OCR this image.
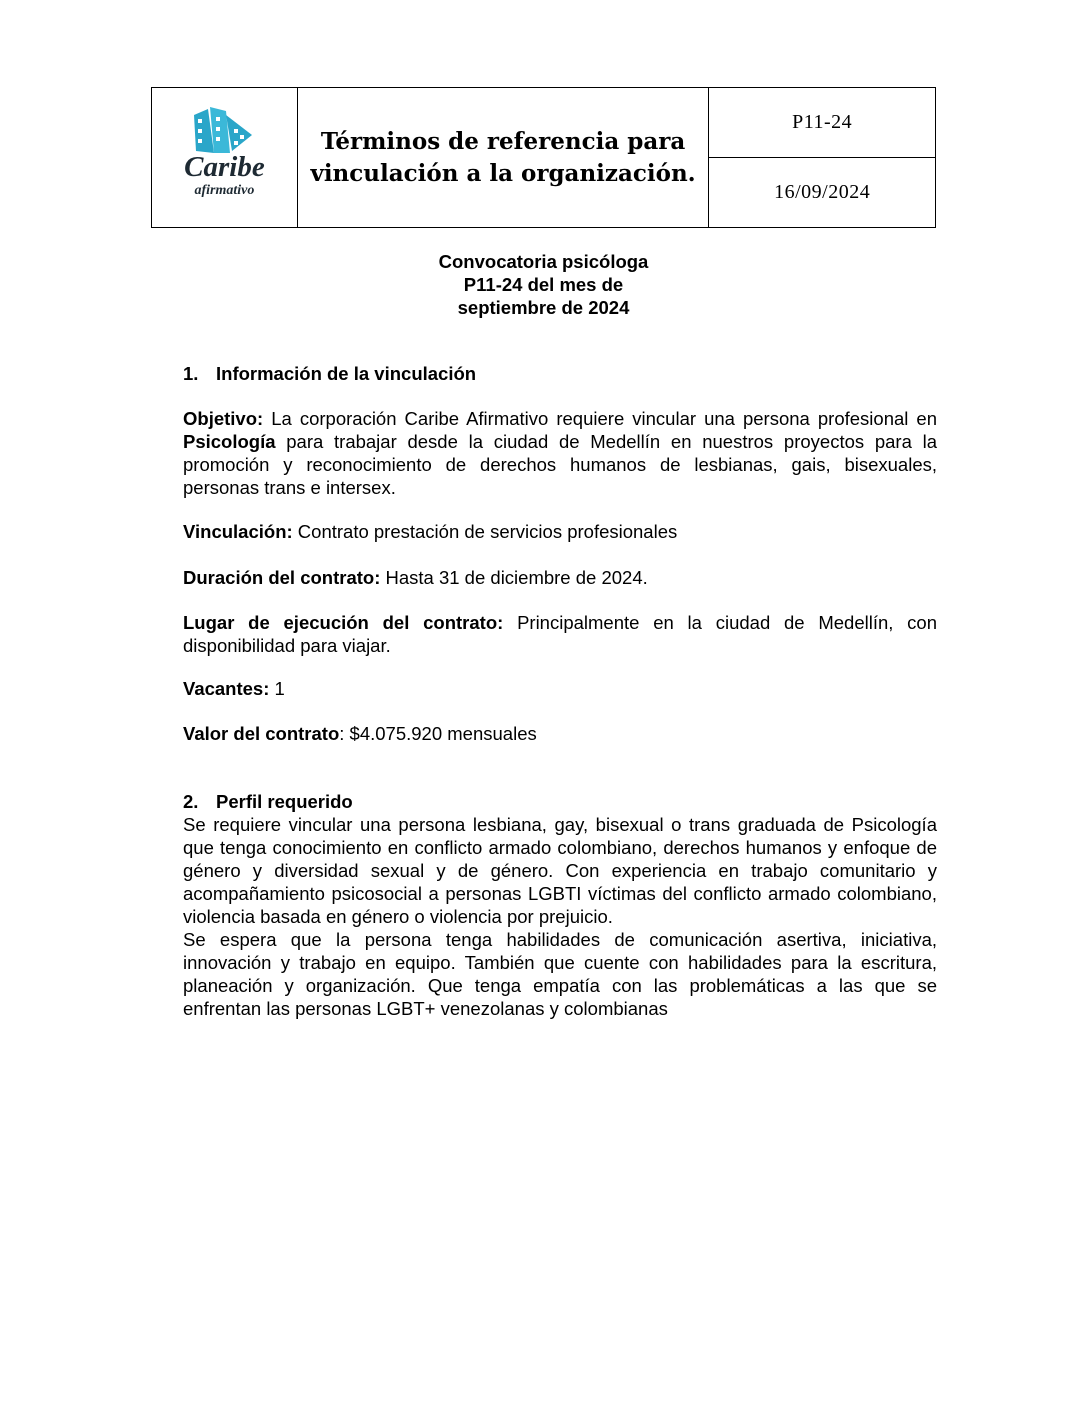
Caribe
afirmativo

Términos de referencia para
vinculación a la organización.
	P11-24
16/09/2024
Convocatoria psicóloga
P11-24 del mes de
septiembre de 2024

1. Información de la vinculación

Objetivo: La corporación Caribe Afirmativo requiere vincular una persona profesional en Psicología para trabajar desde la ciudad de Medellín en nuestros proyectos para la promoción y reconocimiento de derechos humanos de lesbianas, gais, bisexuales, personas trans e intersex.
Vinculación: Contrato prestación de servicios profesionales
Duración del contrato: Hasta 31 de diciembre de 2024.
Lugar de ejecución del contrato: Principalmente en la ciudad de Medellín, con disponibilidad para viajar.
Vacantes: 1
Valor del contrato: $4.075.920 mensuales

2. Perfil requerido

Se requiere vincular una persona lesbiana, gay, bisexual o trans graduada de Psicología que tenga conocimiento en conflicto armado colombiano, derechos humanos y enfoque de género y diversidad sexual y de género. Con experiencia en trabajo comunitario y acompañamiento psicosocial a personas LGBTI víctimas del conflicto armado colombiano, violencia basada en género o violencia por prejuicio.

Se espera que la persona tenga habilidades de comunicación asertiva, iniciativa, innovación y trabajo en equipo. También que cuente con habilidades para la escritura, planeación y organización. Que tenga empatía con las problemáticas a las que se enfrentan las personas LGBT+ venezolanas y colombianas
